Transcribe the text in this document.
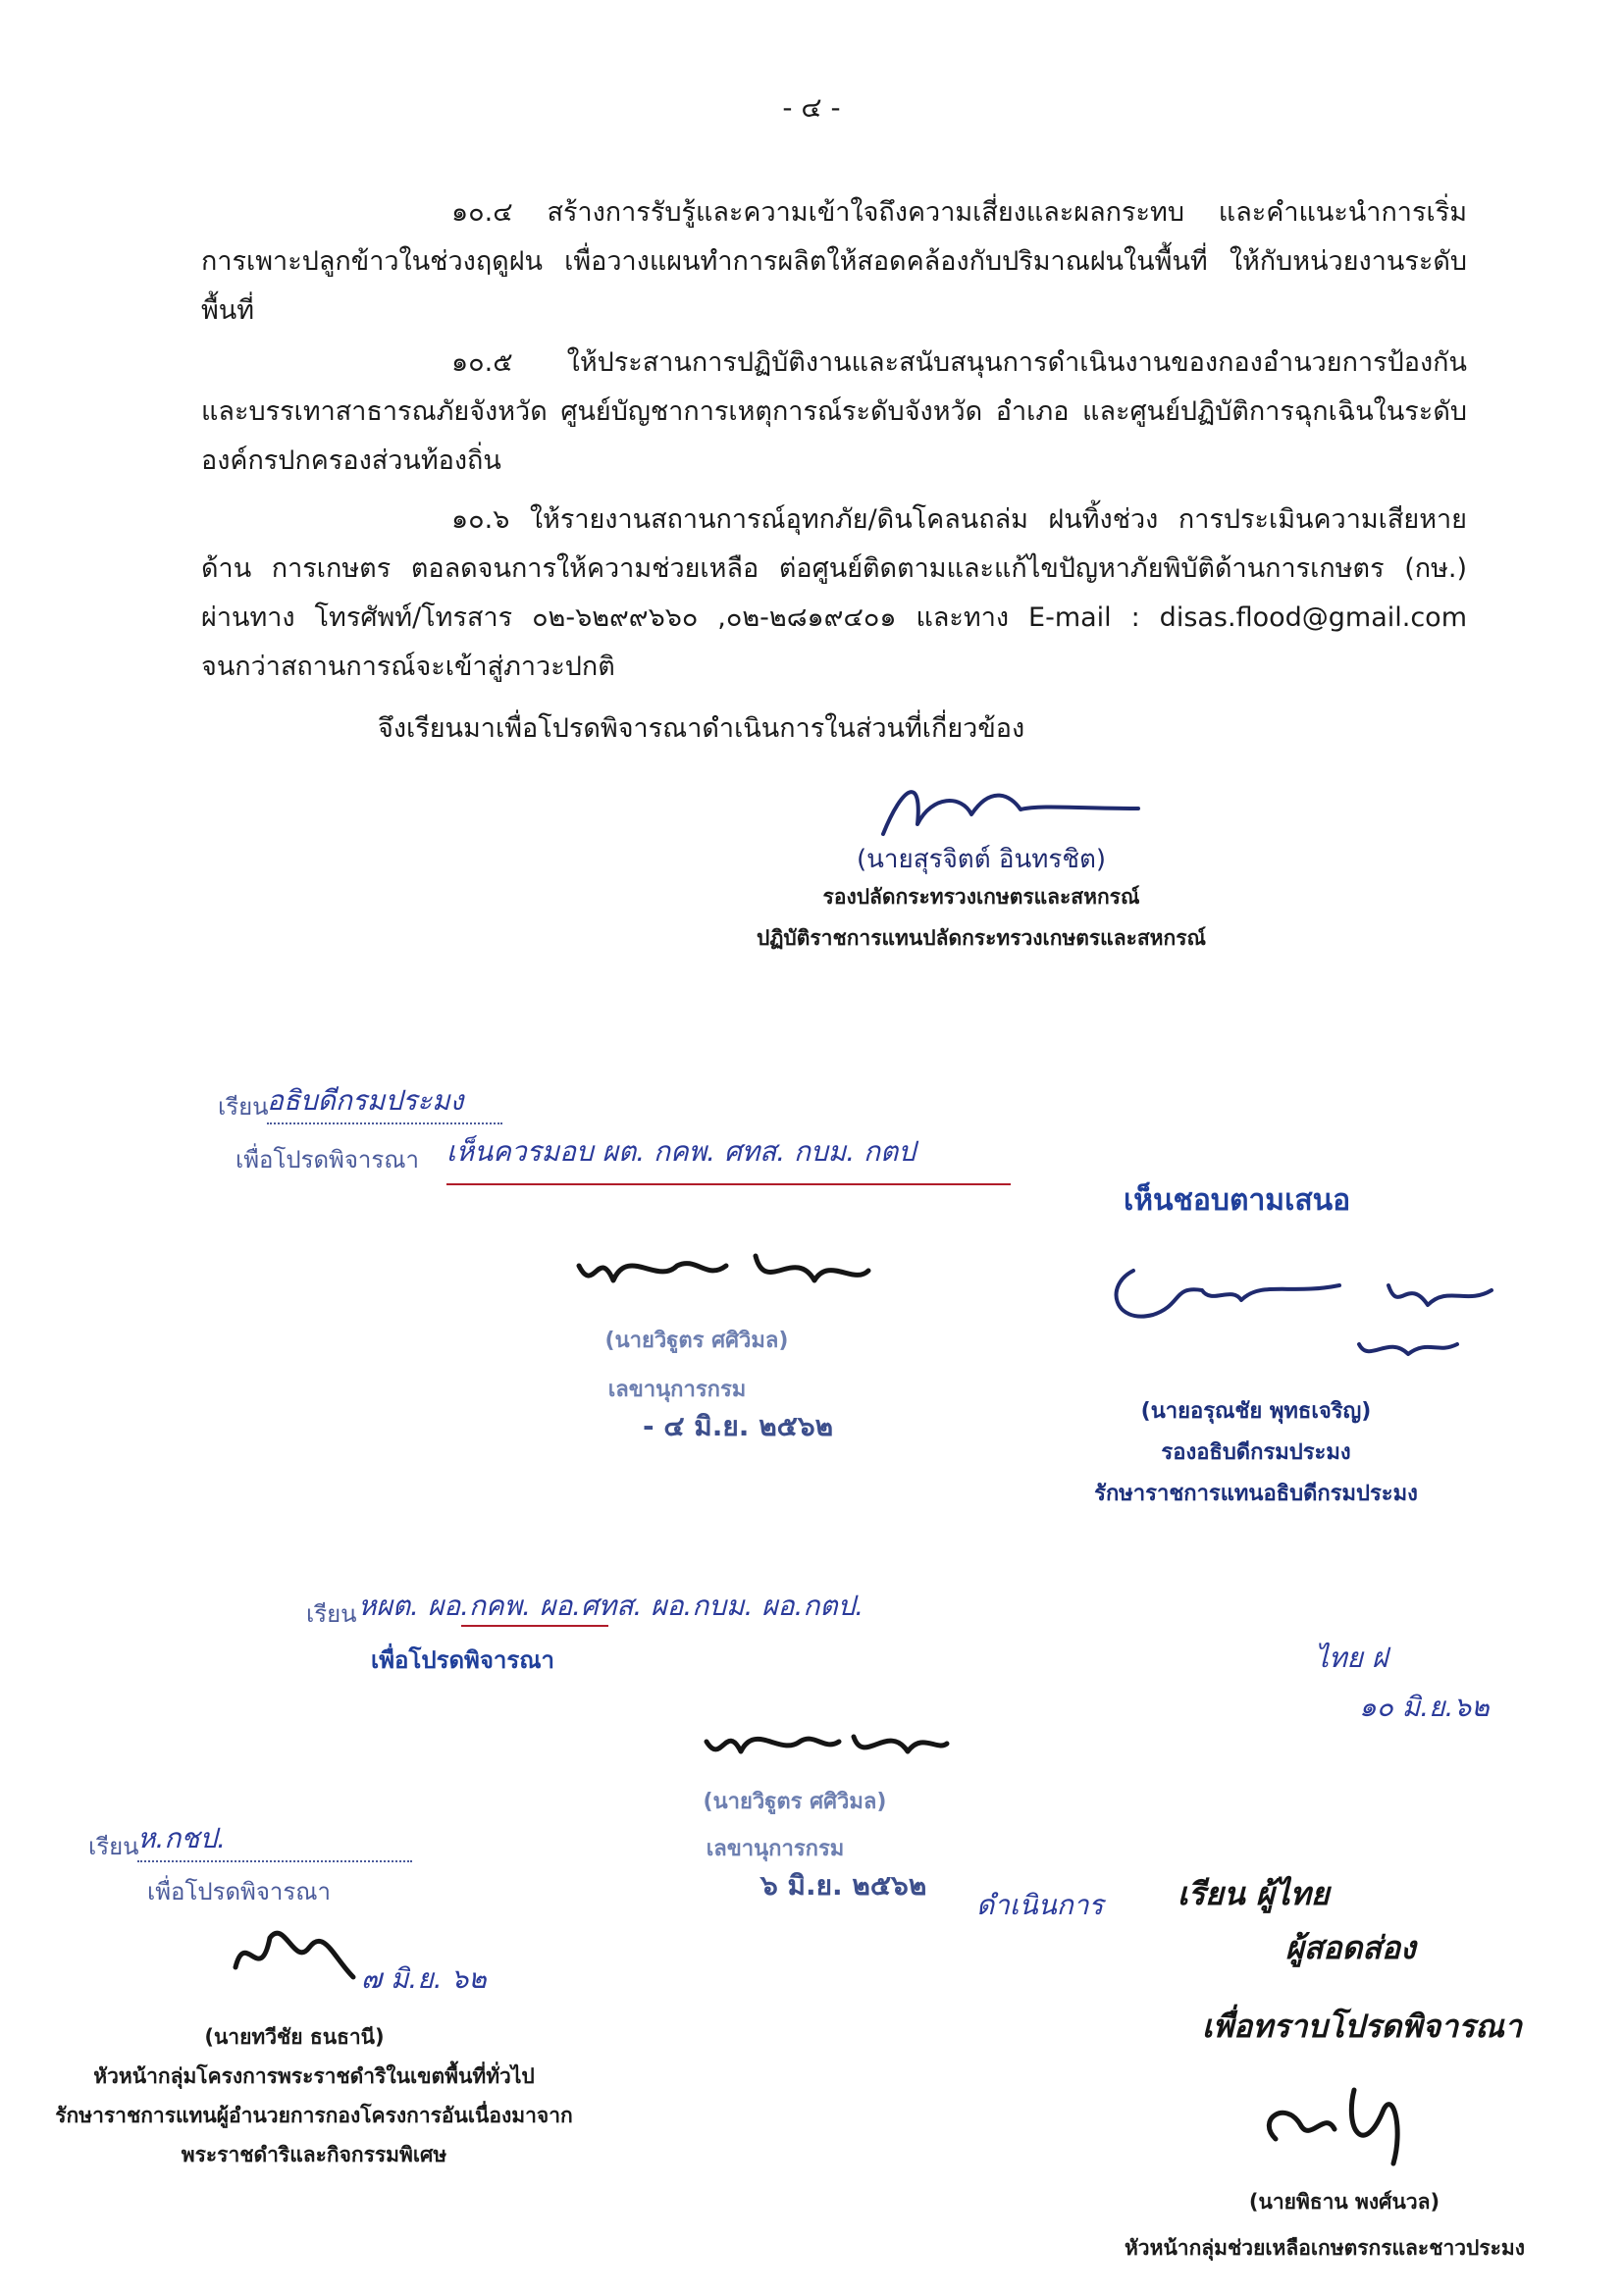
- ๔ -
๑๐.๔ สร้างการรับรู้และความเข้าใจถึงความเสี่ยงและผลกระทบ และคำแนะนำการเริ่ม การเพาะปลูกข้าวในช่วงฤดูฝน เพื่อวางแผนทำการผลิตให้สอดคล้องกับปริมาณฝนในพื้นที่ ให้กับหน่วยงานระดับพื้นที่
๑๐.๕ ให้ประสานการปฏิบัติงานและสนับสนุนการดำเนินงานของกองอำนวยการป้องกัน และบรรเทาสาธารณภัยจังหวัด ศูนย์บัญชาการเหตุการณ์ระดับจังหวัด อำเภอ และศูนย์ปฏิบัติการฉุกเฉินในระดับองค์กรปกครองส่วนท้องถิ่น
๑๐.๖ ให้รายงานสถานการณ์อุทกภัย/ดินโคลนถล่ม ฝนทิ้งช่วง การประเมินความเสียหายด้าน การเกษตร ตอลดจนการให้ความช่วยเหลือ ต่อศูนย์ติดตามและแก้ไขปัญหาภัยพิบัติด้านการเกษตร (กษ.) ผ่านทาง โทรศัพท์/โทรสาร ๐๒-๖๒๙๙๖๖๐ ,๐๒-๒๘๑๙๔๐๑ และทาง E-mail : disas.flood@gmail.com จนกว่าสถานการณ์จะเข้าสู่ภาวะปกติ
จึงเรียนมาเพื่อโปรดพิจารณาดำเนินการในส่วนที่เกี่ยวข้อง
(นายสุรจิตต์ อินทรชิต)
รองปลัดกระทรวงเกษตรและสหกรณ์
ปฏิบัติราชการแทนปลัดกระทรวงเกษตรและสหกรณ์
เรียน
อธิบดีกรมประมง
เพื่อโปรดพิจารณา เห็นควรมอบ ผต. กคพ. ศทส. กบม. กตป
(นายวิฐูตร ศศิวิมล)
เลขานุการกรม
- ๔ มิ.ย. ๒๕๖๒
เห็นชอบตามเสนอ
(นายอรุณชัย พุทธเจริญ)
รองอธิบดีกรมประมง
รักษาราชการแทนอธิบดีกรมประมง
เรียน หผต. ผอ.กคพ. ผอ.ศทส. ผอ.กบม. ผอ.กตป.
เพื่อโปรดพิจารณา
(นายวิฐูตร ศศิวิมล)
เลขานุการกรม
๖ มิ.ย. ๒๕๖๒
ไทย ฝ
๑๐ มิ.ย.๖๒
เรียน
ห.กชป.
เพื่อโปรดพิจารณา
๗ มิ.ย. ๖๒
(นายทวีชัย ธนธานี)
หัวหน้ากลุ่มโครงการพระราชดำริในเขตพื้นที่ทั่วไป
รักษาราชการแทนผู้อำนวยการกองโครงการอันเนื่องมาจาก
พระราชดำริและกิจกรรมพิเศษ
ดำเนินการ เรียน ผู้ไทย
ผู้สอดส่อง
เพื่อทราบโปรดพิจารณา
(นายพิธาน พงศ์นวล)
หัวหน้ากลุ่มช่วยเหลือเกษตรกรและชาวประมง
